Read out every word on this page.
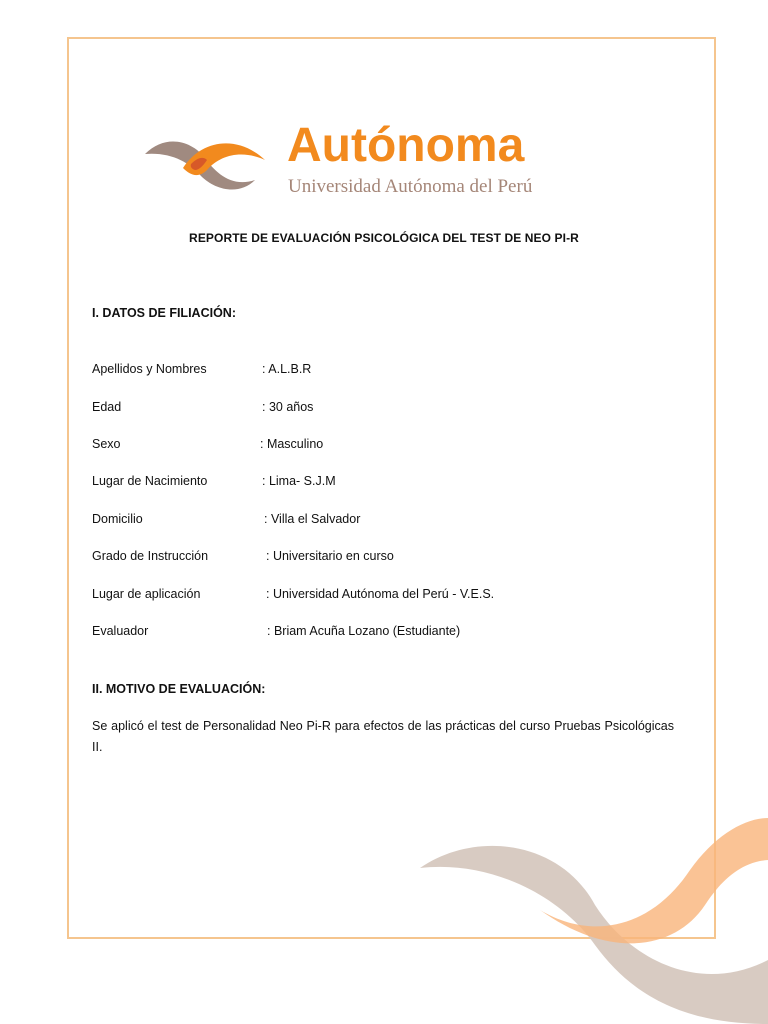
Autónoma
Universidad Autónoma del Perú
REPORTE DE EVALUACIÓN PSICOLÓGICA DEL TEST DE NEO PI-R
I. DATOS DE FILIACIÓN:
Apellidos y Nombres	: A.L.B.R
Edad	: 30 años
Sexo	: Masculino
Lugar de Nacimiento	: Lima- S.J.M
Domicilio	: Villa el Salvador
Grado de Instrucción	: Universitario en curso
Lugar de aplicación	: Universidad Autónoma del Perú - V.E.S.
Evaluador	: Briam Acuña Lozano (Estudiante)
II. MOTIVO DE EVALUACIÓN:
Se aplicó el test de Personalidad Neo Pi-R para efectos de las prácticas del curso Pruebas Psicológicas II.
